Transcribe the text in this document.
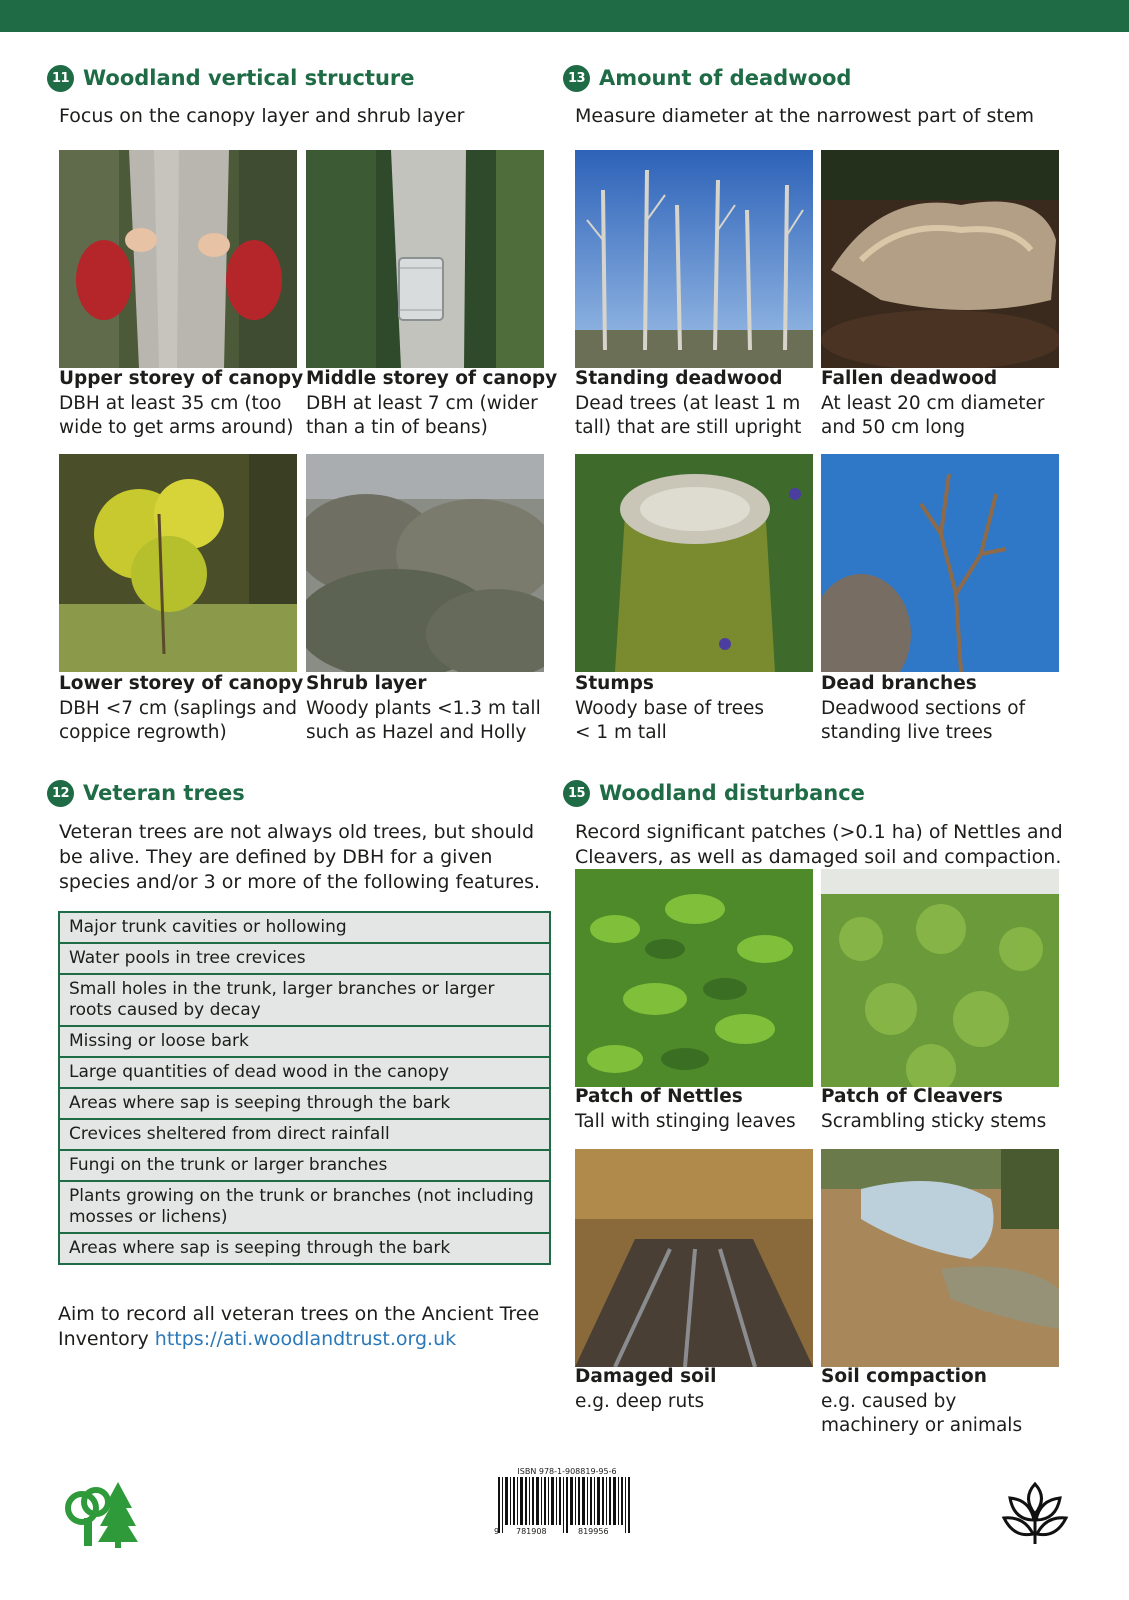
11 Woodland vertical structure
Focus on the canopy layer and shrub layer
13 Amount of deadwood
Measure diameter at the narrowest part of stem
Upper storey of canopy
DBH at least 35 cm (too
wide to get arms around)
Middle storey of canopy
DBH at least 7 cm (wider
than a tin of beans)
Standing deadwood
Dead trees (at least 1 m
tall) that are still upright
Fallen deadwood
At least 20 cm diameter
and 50 cm long
Lower storey of canopy
DBH <7 cm (saplings and
coppice regrowth)
Shrub layer
Woody plants <1.3 m tall
such as Hazel and Holly
Stumps
Woody base of trees
< 1 m tall
Dead branches
Deadwood sections of
standing live trees
12 Veteran trees
Veteran trees are not always old trees, but should
be alive. They are defined by DBH for a given
species and/or 3 or more of the following features.
Major trunk cavities or hollowing
Water pools in tree crevices
Small holes in the trunk, larger branches or larger roots caused by decay
Missing or loose bark
Large quantities of dead wood in the canopy
Areas where sap is seeping through the bark
Crevices sheltered from direct rainfall
Fungi on the trunk or larger branches
Plants growing on the trunk or branches (not including mosses or lichens)
Areas where sap is seeping through the bark
Aim to record all veteran trees on the Ancient Tree
Inventory https://ati.woodlandtrust.org.uk
15 Woodland disturbance
Record significant patches (>0.1 ha) of Nettles and
Cleavers, as well as damaged soil and compaction.
Patch of Nettles
Tall with stinging leaves
Patch of Cleavers
Scrambling sticky stems
Damaged soil
e.g. deep ruts
Soil compaction
e.g. caused by
machinery or animals
ISBN 978-1-908819-95-6
9 781908	819956
